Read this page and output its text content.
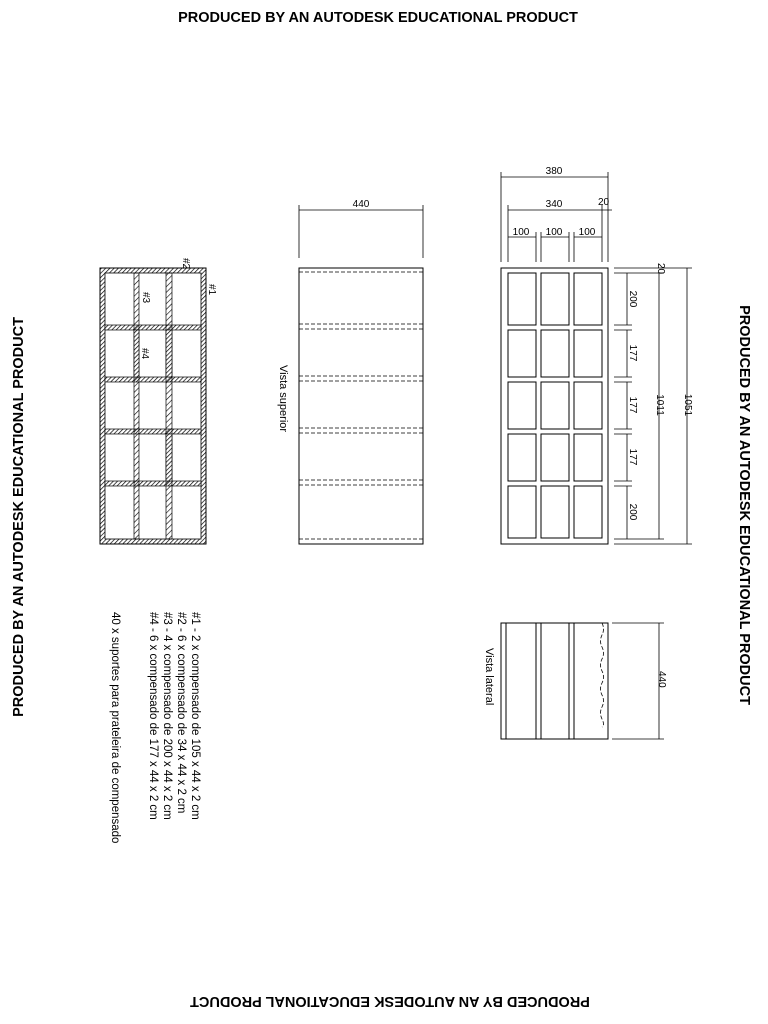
PRODUCED BY AN AUTODESK EDUCATIONAL PRODUCT
PRODUCED BY AN AUTODESK EDUCATIONAL PRODUCT	PRODUCED BY AN AUTODESK EDUCATIONAL PRODUCT
PRODUCED BY AN AUTODESK EDUCATIONAL PRODUCT
#2
#1
#3
#4
440
Vista superior
380
340	20
100 100 100
20
200
177
177
177
200
1011 1051
440
Vista lateral
#1 - 2 x compensado de 105 x 44 x 2 cm
#2 - 6 x compensado de 34 x 44 x 2 cm
#3 - 4 x compensado de 200 x 44 x 2 cm
#4 - 6 x compensado de 177 x 44 x 2 cm
40 x suportes para prateleira de compensado
